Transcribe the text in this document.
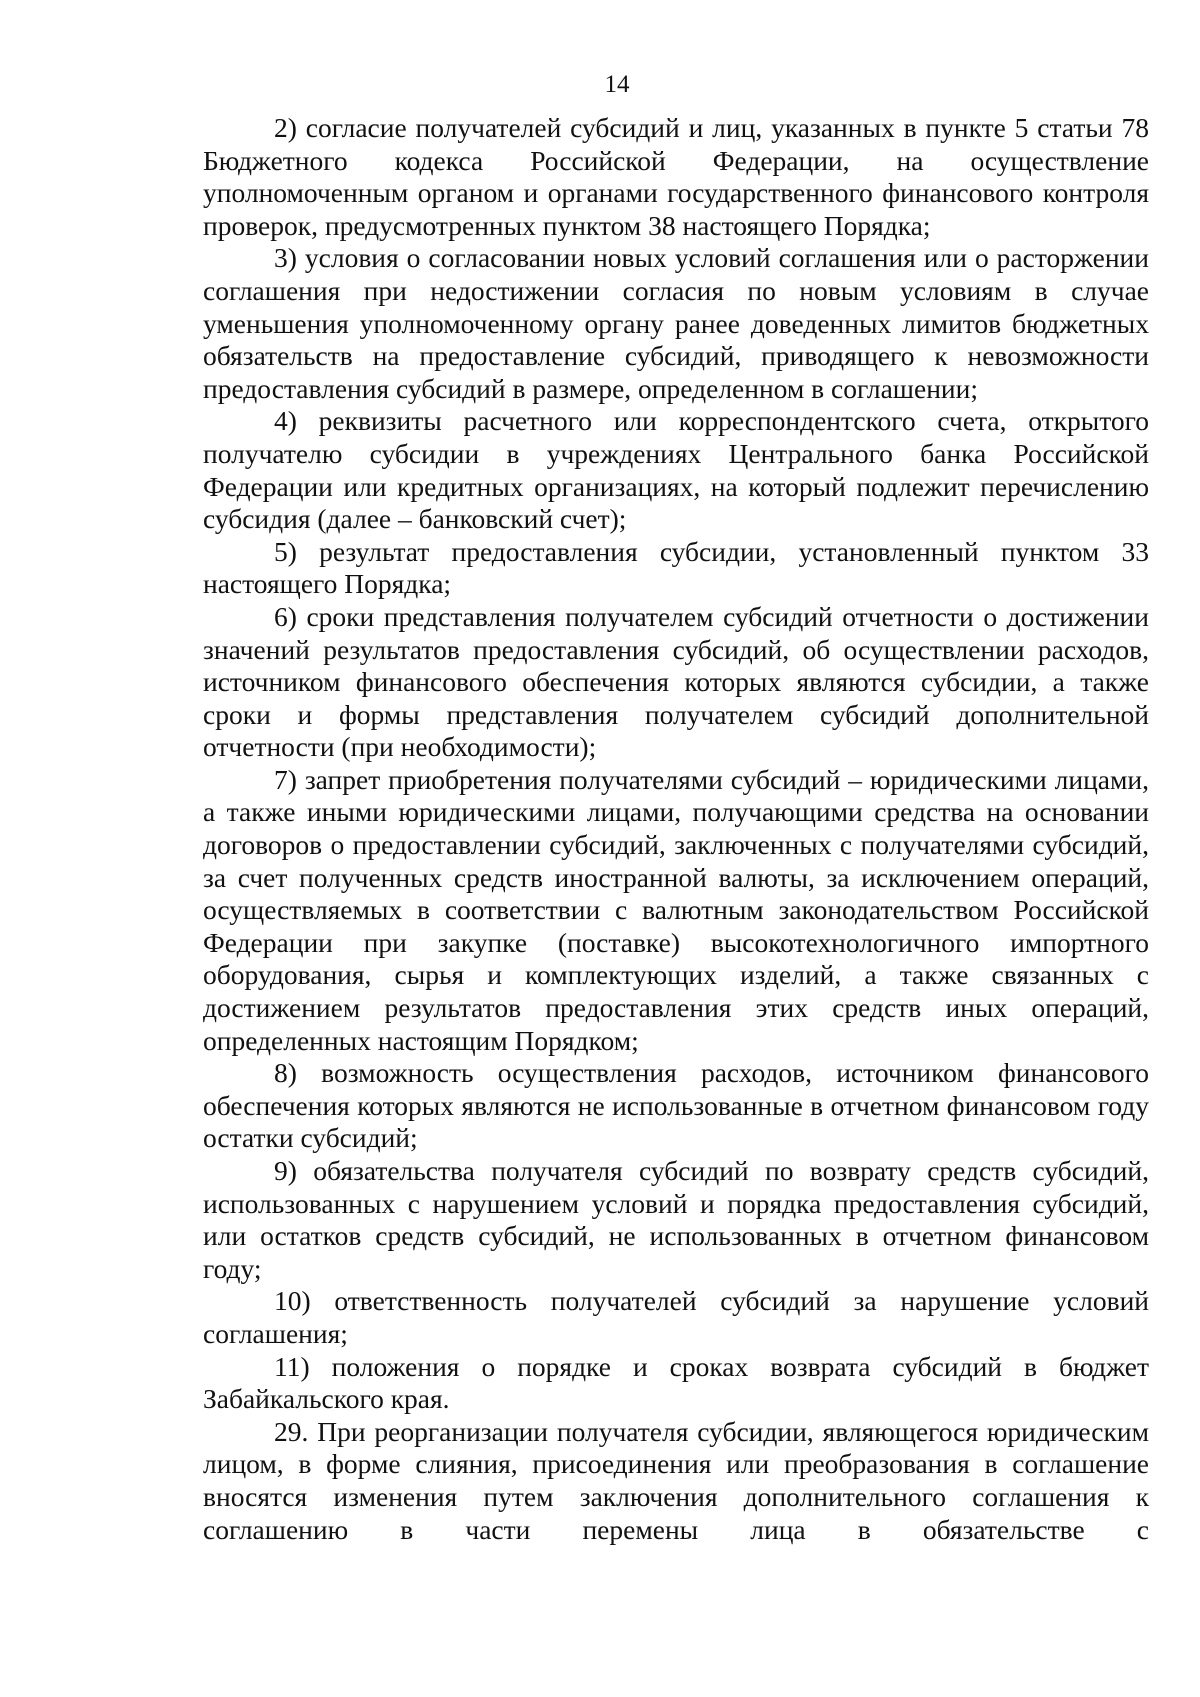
14

2) согласие получателей субсидий и лиц, указанных в пункте 5 статьи 78 Бюджетного кодекса Российской Федерации, на осуществление уполномоченным органом и органами государственного финансового контроля проверок, предусмотренных пунктом 38 настоящего Порядка;

3) условия о согласовании новых условий соглашения или о расторжении соглашения при недостижении согласия по новым условиям в случае уменьшения уполномоченному органу ранее доведенных лимитов бюджетных обязательств на предоставление субсидий, приводящего к невозможности предоставления субсидий в размере, определенном в соглашении;

4) реквизиты расчетного или корреспондентского счета, открытого получателю субсидии в учреждениях Центрального банка Российской Федерации или кредитных организациях, на который подлежит перечислению субсидия (далее – банковский счет);

5) результат предоставления субсидии, установленный пунктом 33 настоящего Порядка;

6) сроки представления получателем субсидий отчетности о достижении значений результатов предоставления субсидий, об осуществлении расходов, источником финансового обеспечения которых являются субсидии, а также сроки и формы представления получателем субсидий дополнительной отчетности (при необходимости);

7) запрет приобретения получателями субсидий – юридическими лицами, а также иными юридическими лицами, получающими средства на основании договоров о предоставлении субсидий, заключенных с получателями субсидий, за счет полученных средств иностранной валюты, за исключением операций, осуществляемых в соответствии с валютным законодательством Российской Федерации при закупке (поставке) высокотехнологичного импортного оборудования, сырья и комплектующих изделий, а также связанных с достижением результатов предоставления этих средств иных операций, определенных настоящим Порядком;

8) возможность осуществления расходов, источником финансового обеспечения которых являются не использованные в отчетном финансовом году остатки субсидий;

9) обязательства получателя субсидий по возврату средств субсидий, использованных с нарушением условий и порядка предоставления субсидий, или остатков средств субсидий, не использованных в отчетном финансовом году;

10) ответственность получателей субсидий за нарушение условий соглашения;

11) положения о порядке и сроках возврата субсидий в бюджет Забайкальского края.

29. При реорганизации получателя субсидии, являющегося юридическим лицом, в форме слияния, присоединения или преобразования в соглашение вносятся изменения путем заключения дополнительного соглашения к соглашению в части перемены лица в обязательстве с
